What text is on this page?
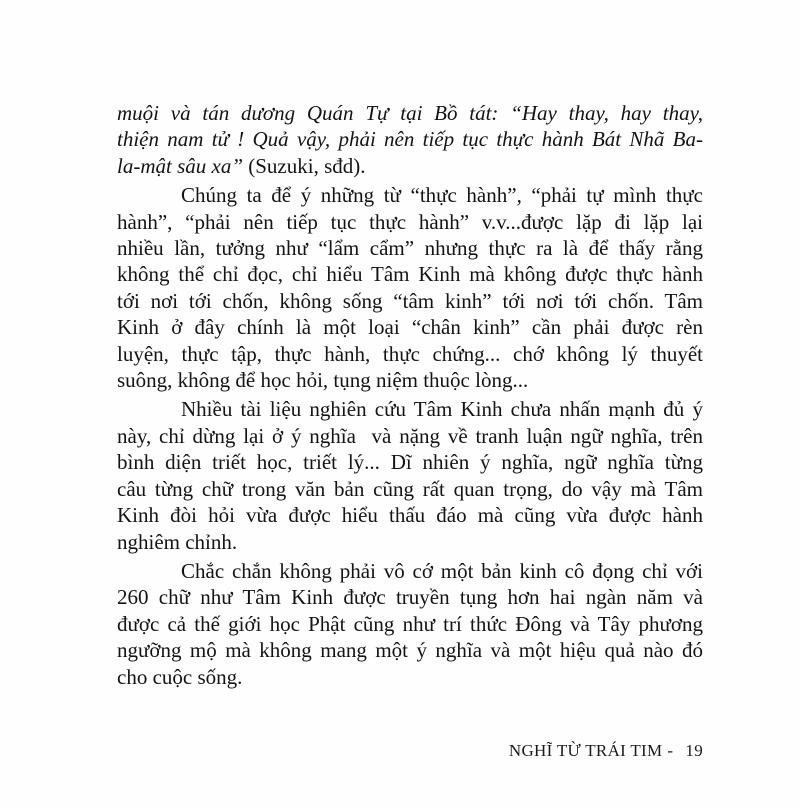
muội và tán dương Quán Tự tại Bồ tát: “Hay thay, hay thay,
thiện nam tử ! Quả vậy, phải nên tiếp tục thực hành Bát Nhã Ba-
la-mật sâu xa” (Suzuki, sđd).
Chúng ta để ý những từ “thực hành”, “phải tự mình thực
hành”, “phải nên tiếp tục thực hành” v.v...được lặp đi lặp lại
nhiều lần, tưởng như “lẩm cẩm” nhưng thực ra là để thấy rằng
không thể chỉ đọc, chỉ hiểu Tâm Kinh mà không được thực hành
tới nơi tới chốn, không sống “tâm kinh” tới nơi tới chốn. Tâm
Kinh ở đây chính là một loại “chân kinh” cần phải được rèn
luyện, thực tập, thực hành, thực chứng... chớ không lý thuyết
suông, không để học hỏi, tụng niệm thuộc lòng...
Nhiều tài liệu nghiên cứu Tâm Kinh chưa nhấn mạnh đủ ý
này, chỉ dừng lại ở ý nghĩa  và nặng về tranh luận ngữ nghĩa, trên
bình diện triết học, triết lý... Dĩ nhiên ý nghĩa, ngữ nghĩa từng
câu từng chữ trong văn bản cũng rất quan trọng, do vậy mà Tâm
Kinh đòi hỏi vừa được hiểu thấu đáo mà cũng vừa được hành
nghiêm chỉnh.
Chắc chắn không phải vô cớ một bản kinh cô đọng chỉ với
260 chữ như Tâm Kinh được truyền tụng hơn hai ngàn năm và
được cả thế giới học Phật cũng như trí thức Đông và Tây phương
ngưỡng mộ mà không mang một ý nghĩa và một hiệu quả nào đó
cho cuộc sống.
NGHĨ TỪ TRÁI TIM - 19
